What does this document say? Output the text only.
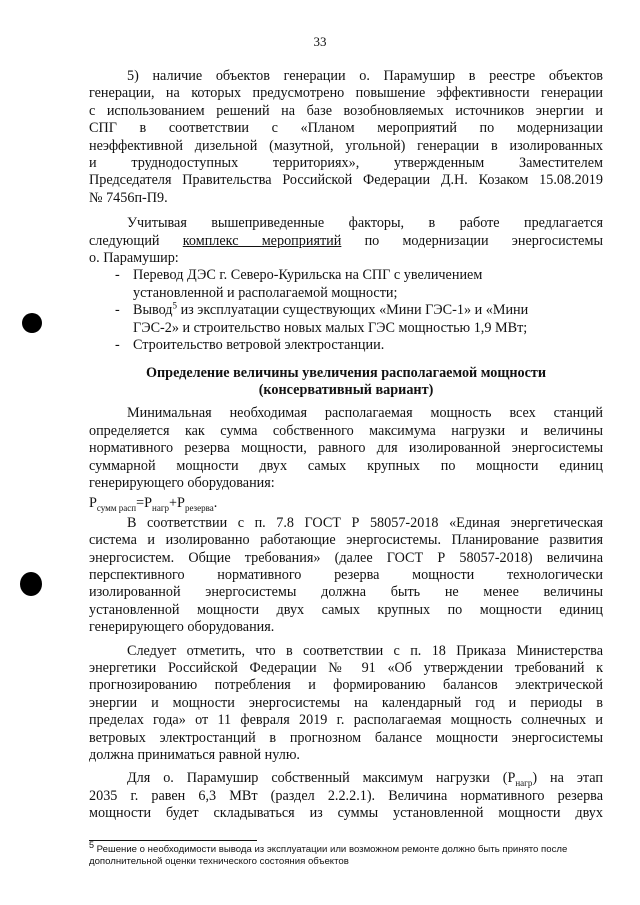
33

5) наличие объектов генерации о. Парамушир в реестре объектов

генерации, на которых предусмотрено повышение эффективности генерации

с использованием решений на базе возобновляемых источников энергии и

СПГ в соответствии с «Планом мероприятий по модернизации

неэффективной дизельной (мазутной, угольной) генерации в изолированных

и труднодоступных территориях», утвержденным Заместителем

Председателя Правительства Российской Федерации Д.Н. Козаком 15.08.2019

№ 7456п-П9.

Учитывая вышеприведенные факторы, в работе предлагается

следующий комплекс мероприятий по модернизации энергосистемы

о. Парамушир:

- Перевод ДЭС г. Северо-Курильска на СПГ с увеличением

установленной и располагаемой мощности;

- Вывод$^5$ из эксплуатации существующих «Мини ГЭС-1» и «Мини

ГЭС-2» и строительство новых малых ГЭС мощностью 1,9 МВт;

- Строительство ветровой электростанции.

Определение величины увеличения располагаемой мощности
(консервативный вариант)

Минимальная необходимая располагаемая мощность всех станций

определяется как сумма собственного максимума нагрузки и величины

нормативного резерва мощности, равного для изолированной энергосистемы

суммарной мощности двух самых крупных по мощности единиц

генерирующего оборудования:

$P_{сумм расп}=P_{нагр}+P_{резерва}$.

В соответствии с п. 7.8 ГОСТ Р 58057-2018 «Единая энергетическая

система и изолированно работающие энергосистемы. Планирование развития

энергосистем. Общие требования» (далее ГОСТ Р 58057-2018) величина

перспективного нормативного резерва мощности технологически

изолированной энергосистемы должна быть не менее величины

установленной мощности двух самых крупных по мощности единиц

генерирующего оборудования.

Следует отметить, что в соответствии с п. 18 Приказа Министерства

энергетики Российской Федерации № 91 «Об утверждении требований к

прогнозированию потребления и формированию балансов электрической

энергии и мощности энергосистемы на календарный год и периоды в

пределах года» от 11 февраля 2019 г. располагаемая мощность солнечных и

ветровых электростанций в прогнозном балансе мощности энергосистемы

должна приниматься равной нулю.

Для о. Парамушир собственный максимум нагрузки $(P_{нагр})$ на этап

2035 г. равен 6,3 МВт (раздел 2.2.2.1). Величина нормативного резерва

мощности будет складываться из суммы установленной мощности двух

$^5$ Решение о необходимости вывода из эксплуатации или возможном ремонте должно быть принято после
дополнительной оценки технического состояния объектов
